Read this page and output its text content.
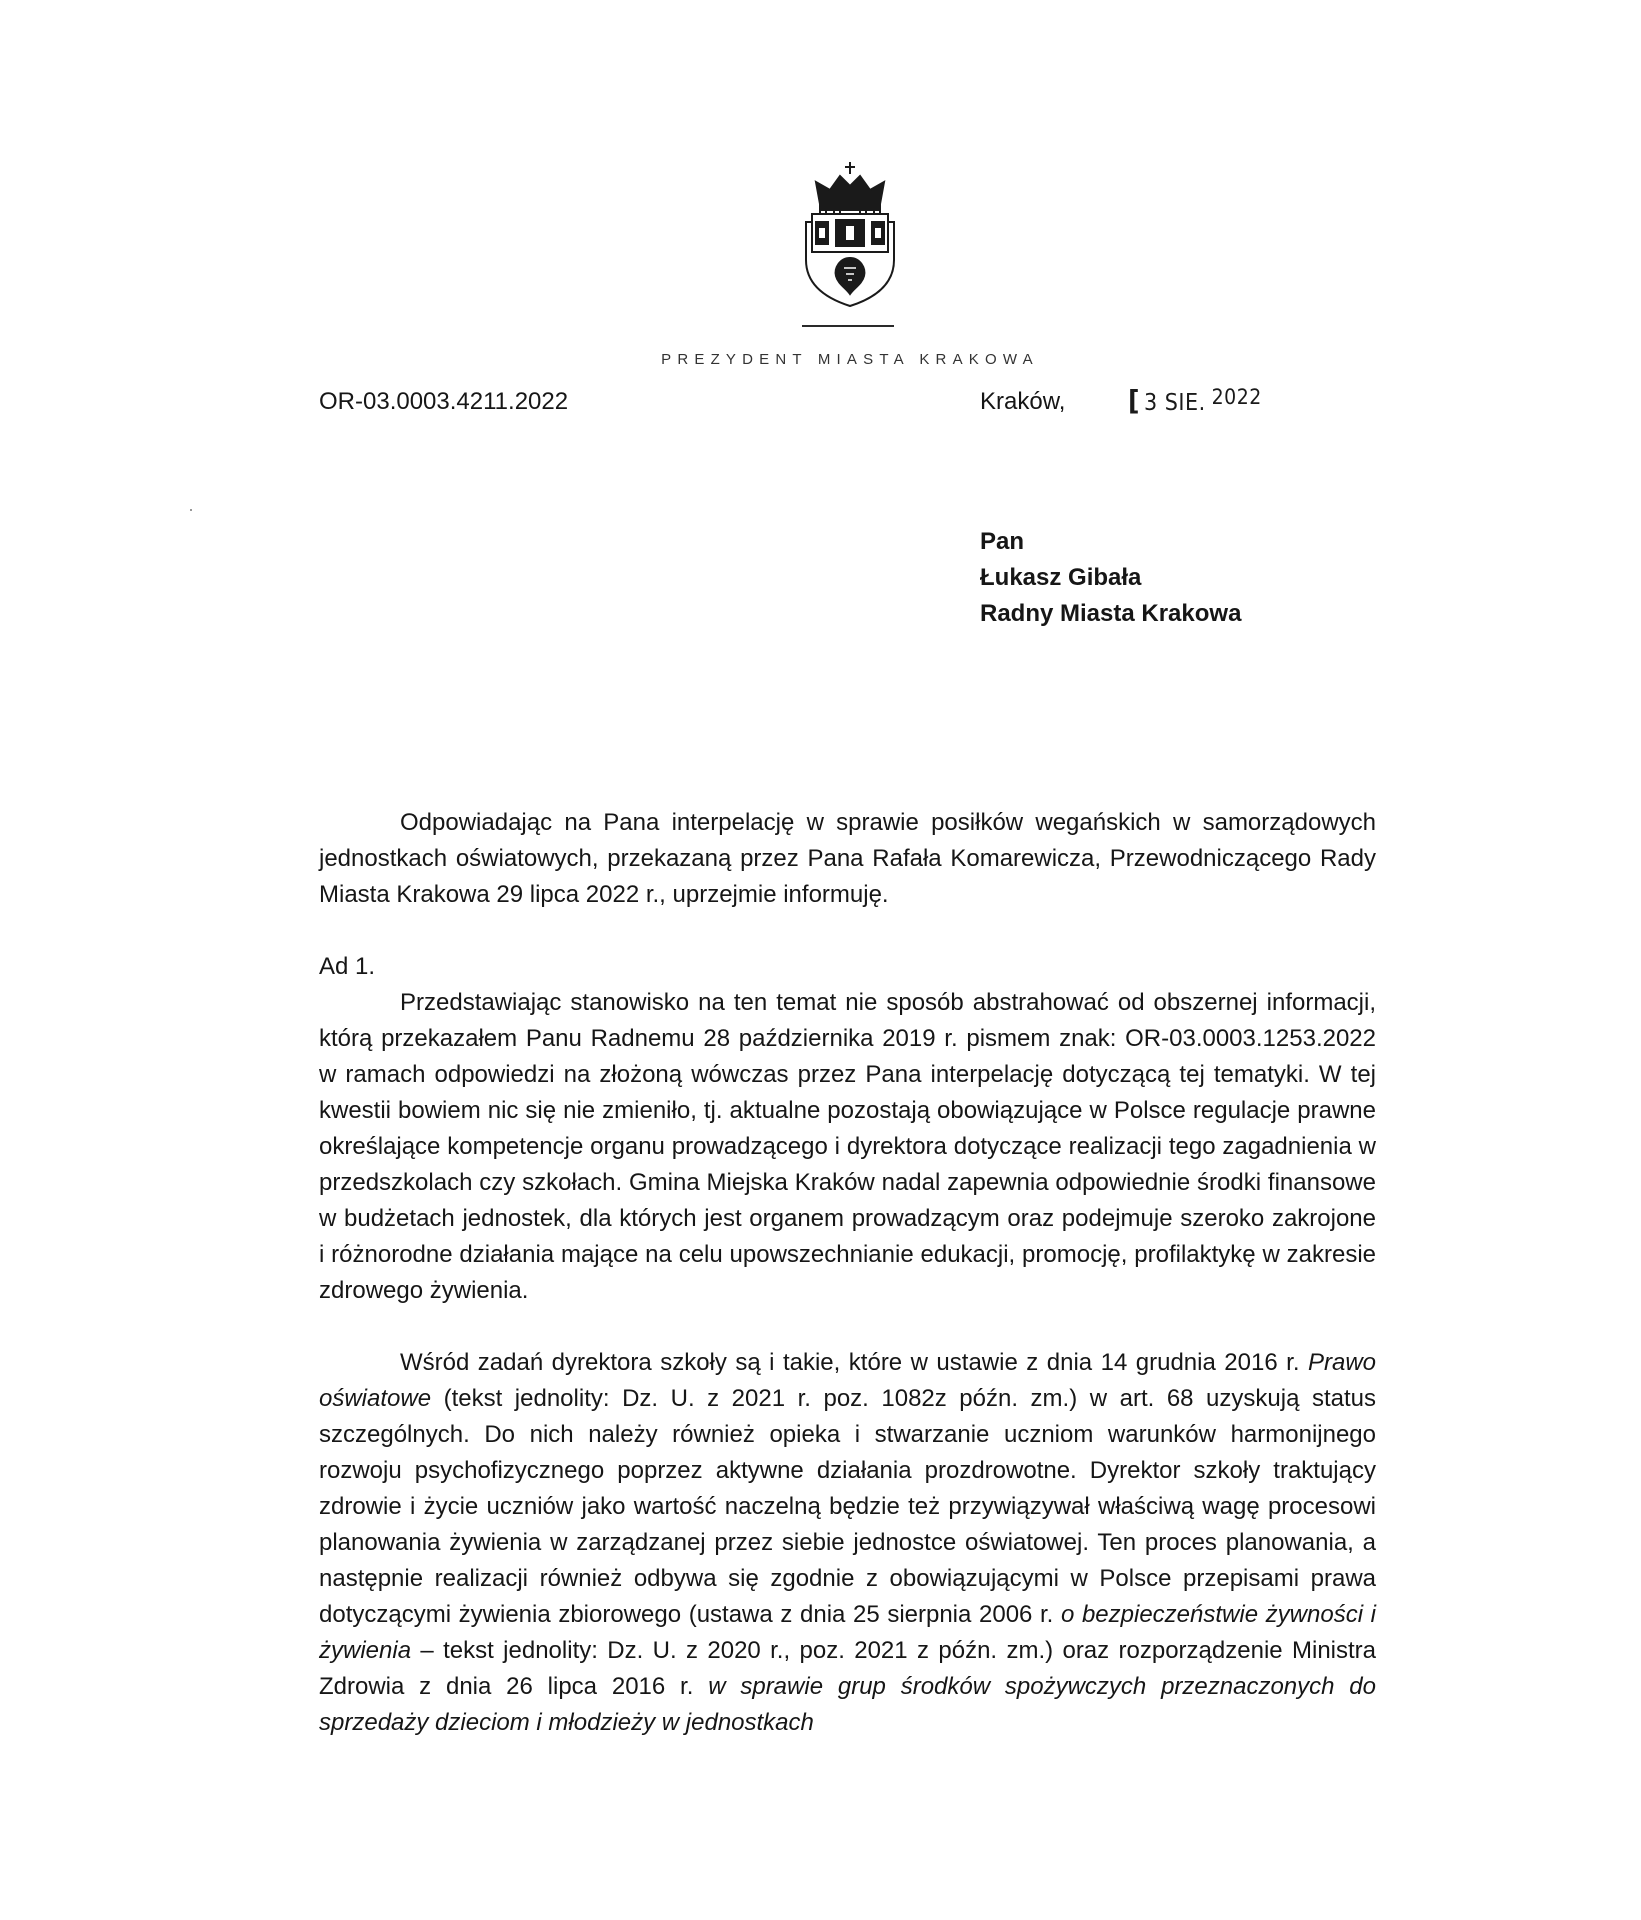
PREZYDENT MIASTA KRAKOWA
OR-03.0003.4211.2022	Kraków, [ 3 SIE. 2022
Pan
Łukasz Gibała
Radny Miasta Krakowa

Odpowiadając na Pana interpelację w sprawie posiłków wegańskich w samorządowych jednostkach oświatowych, przekazaną przez Pana Rafała Komarewicza, Przewodniczącego Rady Miasta Krakowa 29 lipca 2022 r., uprzejmie informuję.

Ad 1.

Przedstawiając stanowisko na ten temat nie sposób abstrahować od obszernej informacji, którą przekazałem Panu Radnemu 28 października 2019 r. pismem znak: OR-03.0003.1253.2022 w ramach odpowiedzi na złożoną wówczas przez Pana interpelację dotyczącą tej tematyki. W tej kwestii bowiem nic się nie zmieniło, tj. aktualne pozostają obowiązujące w Polsce regulacje prawne określające kompetencje organu prowadzącego i dyrektora dotyczące realizacji tego zagadnienia w przedszkolach czy szkołach. Gmina Miejska Kraków nadal zapewnia odpowiednie środki finansowe w budżetach jednostek, dla których jest organem prowadzącym oraz podejmuje szeroko zakrojone i różnorodne działania mające na celu upowszechnianie edukacji, promocję, profilaktykę w zakresie zdrowego żywienia.

Wśród zadań dyrektora szkoły są i takie, które w ustawie z dnia 14 grudnia 2016 r. Prawo oświatowe (tekst jednolity: Dz. U. z 2021 r. poz. 1082z późn. zm.) w art. 68 uzyskują status szczególnych. Do nich należy również opieka i stwarzanie uczniom warunków harmonijnego rozwoju psychofizycznego poprzez aktywne działania prozdrowotne. Dyrektor szkoły traktujący zdrowie i życie uczniów jako wartość naczelną będzie też przywiązywał właściwą wagę procesowi planowania żywienia w zarządzanej przez siebie jednostce oświatowej. Ten proces planowania, a następnie realizacji również odbywa się zgodnie z obowiązującymi w Polsce przepisami prawa dotyczącymi żywienia zbiorowego (ustawa z dnia 25 sierpnia 2006 r. o bezpieczeństwie żywności i żywienia – tekst jednolity: Dz. U. z 2020 r., poz. 2021 z późn. zm.) oraz rozporządzenie Ministra Zdrowia z dnia 26 lipca 2016 r. w sprawie grup środków spożywczych przeznaczonych do sprzedaży dzieciom i młodzieży w jednostkach
